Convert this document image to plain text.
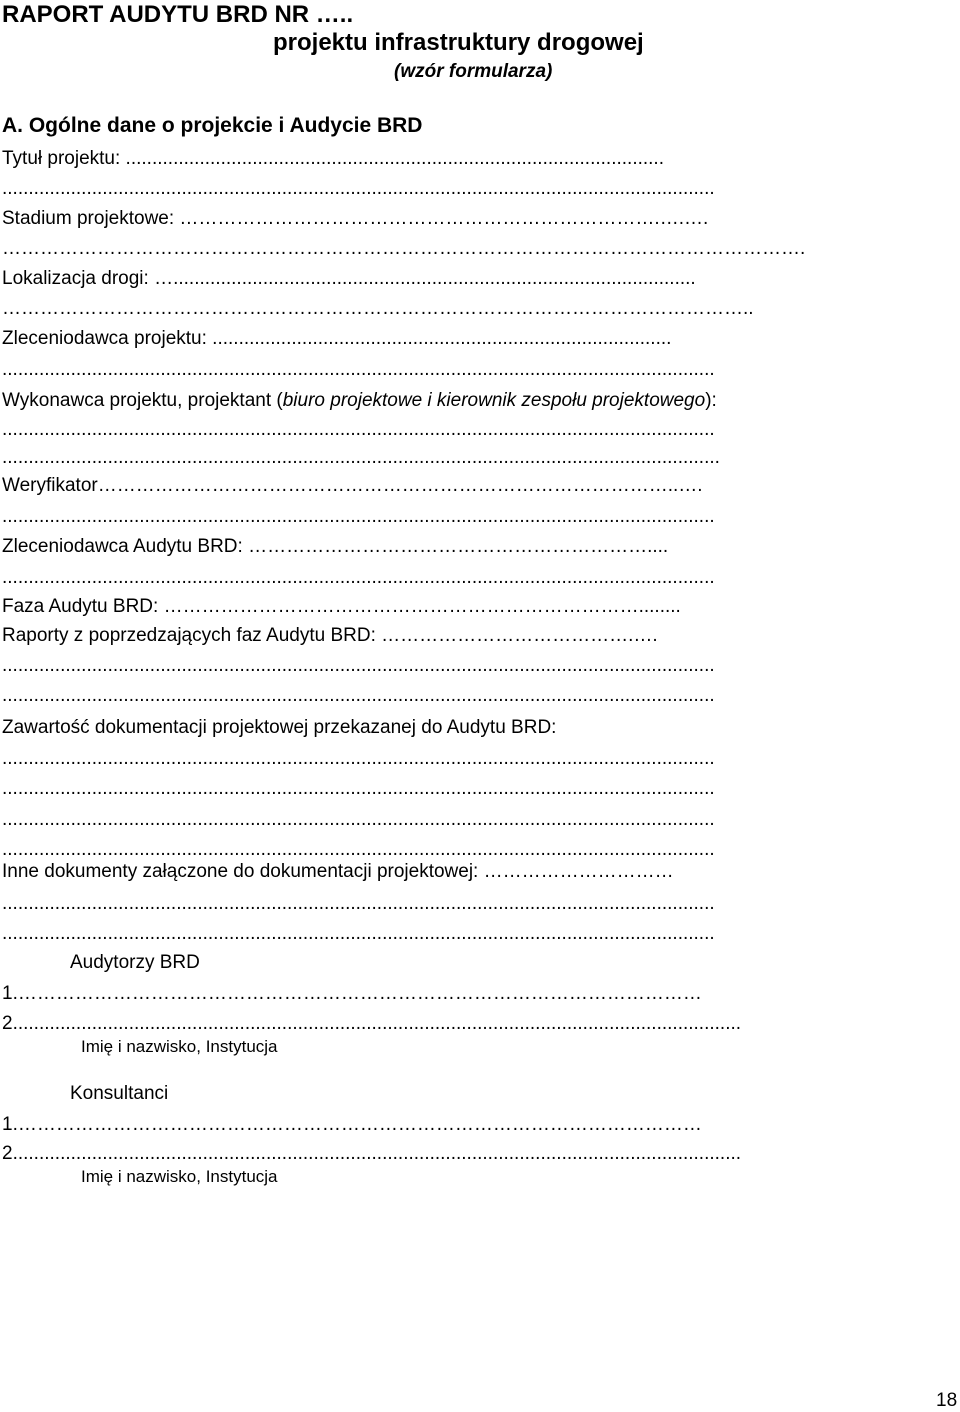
RAPORT AUDYTU BRD NR …..
projektu infrastruktury drogowej
(wzór formularza)
A. Ogólne dane o projekcie i Audycie BRD
Tytuł projektu: ......................................................................................................
.......................................................................................................................................
Stadium projektowe: ………………………………………………………………….….….
……………………………………………………………………………………………………………….
Lokalizacja drogi: …...................................................................................................
………………………………………………………………………………………………………..
Zleceniodawca projektu: .......................................................................................
.......................................................................................................................................
Wykonawca projektu, projektant (biuro projektowe i kierownik zespołu projektowego):
.......................................................................................................................................
........................................................................................................................................
Weryfikator………………………………………………………………………………..….
.......................................................................................................................................
Zleceniodawca Audytu BRD: ………………………………………………………....
.......................................................................................................................................
Faza Audytu BRD: …………………………………………………………………........
Raporty z poprzedzających faz Audytu BRD: ………………………………….….
.......................................................................................................................................
.......................................................................................................................................
Zawartość dokumentacji projektowej przekazanej do Audytu BRD:
.......................................................................................................................................
.......................................................................................................................................
.......................................................................................................................................
.......................................................................................................................................
Inne dokumenty załączone do dokumentacji projektowej: …………………………
.......................................................................................................................................
.......................................................................................................................................
Audytorzy BRD
1.………………………………………………………………………………………………
2..........................................................................................................................................
Imię i nazwisko, Instytucja
Konsultanci
1.………………………………………………………………………………………………
2..........................................................................................................................................
Imię i nazwisko, Instytucja
18
